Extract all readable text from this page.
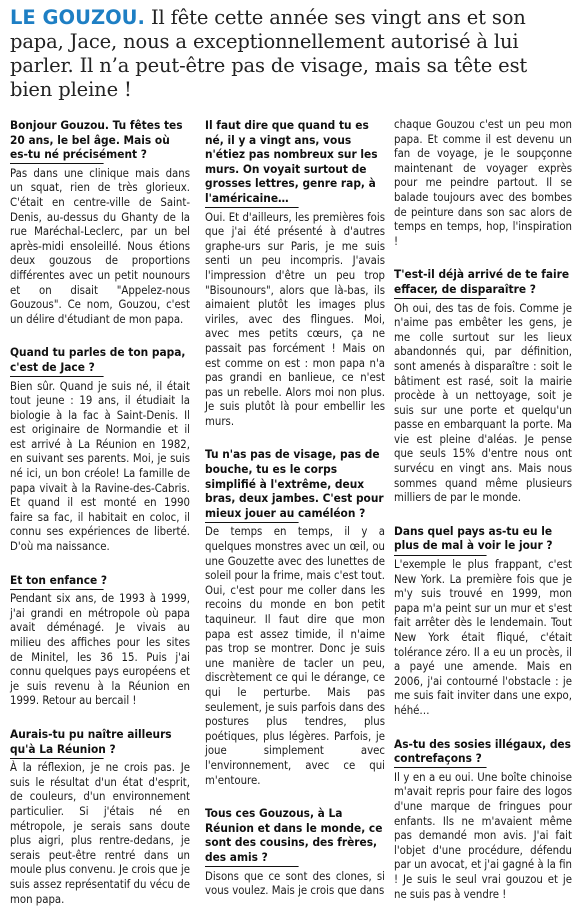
LE GOUZOU. Il fête cette année ses vingt ans et son papa, Jace, nous a exceptionnellement autorisé à lui parler. Il n’a peut-être pas de visage, mais sa tête est bien pleine !
Bonjour Gouzou. Tu fêtes tes 20 ans, le bel âge. Mais où es-tu né précisément ?
Pas dans une clinique mais dans un squat, rien de très glorieux. C'était en centre-ville de Saint-Denis, au-dessus du Ghanty de la rue Maréchal-Leclerc, par un bel après-midi ensoleillé. Nous étions deux gouzous de proportions différentes avec un petit nounours et on disait "Appelez-nous Gouzous". Ce nom, Gouzou, c'est un délire d'étudiant de mon papa.
Quand tu parles de ton papa, c'est de Jace ?
Bien sûr. Quand je suis né, il était tout jeune : 19 ans, il étudiait la biologie à la fac à Saint-Denis. Il est originaire de Normandie et il est arrivé à La Réunion en 1982, en suivant ses parents. Moi, je suis né ici, un bon créole! La famille de papa vivait à la Ravine-des-Cabris. Et quand il est monté en 1990 faire sa fac, il habitait en coloc, il connu ses expériences de liberté. D'où ma naissance.
Et ton enfance ?
Pendant six ans, de 1993 à 1999, j'ai grandi en métropole où papa avait déménagé. Je vivais au milieu des affiches pour les sites de Minitel, les 36 15. Puis j'ai connu quelques pays européens et je suis revenu à la Réunion en 1999. Retour au bercail !
Aurais-tu pu naître ailleurs qu'à La Réunion ?
À la réflexion, je ne crois pas. Je suis le résultat d'un état d'esprit, de couleurs, d'un environnement particulier. Si j'étais né en métropole, je serais sans doute plus aigri, plus rentre-dedans, je serais peut-être rentré dans un moule plus convenu. Je crois que je suis assez représentatif du vécu de mon papa.
Il faut dire que quand tu es né, il y a vingt ans, vous n'étiez pas nombreux sur les murs. On voyait surtout de grosses lettres, genre rap, à l'américaine…
Oui. Et d'ailleurs, les premières fois que j'ai été présenté à d'autres graphe-urs sur Paris, je me suis senti un peu incompris. J'avais l'impression d'être un peu trop "Bisounours", alors que là-bas, ils aimaient plutôt les images plus viriles, avec des flingues. Moi, avec mes petits cœurs, ça ne passait pas forcément ! Mais on est comme on est : mon papa n'a pas grandi en banlieue, ce n'est pas un rebelle. Alors moi non plus. Je suis plutôt là pour embellir les murs.
Tu n'as pas de visage, pas de bouche, tu es le corps simplifié à l'extrême, deux bras, deux jambes. C'est pour mieux jouer au caméléon ?
De temps en temps, il y a quelques monstres avec un œil, ou une Gouzette avec des lunettes de soleil pour la frime, mais c'est tout. Oui, c'est pour me coller dans les recoins du monde en bon petit taquineur. Il faut dire que mon papa est assez timide, il n'aime pas trop se montrer. Donc je suis une manière de tacler un peu, discrètement ce qui le dérange, ce qui le perturbe. Mais pas seulement, je suis parfois dans des postures plus tendres, plus poétiques, plus légères. Parfois, je joue simplement avec l'environnement, avec ce qui m'entoure.
Tous ces Gouzous, à La Réunion et dans le monde, ce sont des cousins, des frères, des amis ?
Disons que ce sont des clones, si vous voulez. Mais je crois que dans
chaque Gouzou c'est un peu mon papa. Et comme il est devenu un fan de voyage, je le soupçonne maintenant de voyager exprès pour me peindre partout. Il se balade toujours avec des bombes de peinture dans son sac alors de temps en temps, hop, l'inspiration !
T'est-il déjà arrivé de te faire effacer, de disparaître ?
Oh oui, des tas de fois. Comme je n'aime pas embêter les gens, je me colle surtout sur les lieux abandonnés qui, par définition, sont amenés à disparaître : soit le bâtiment est rasé, soit la mairie procède à un nettoyage, soit je suis sur une porte et quelqu'un passe en embarquant la porte. Ma vie est pleine d'aléas. Je pense que seuls 15% d'entre nous ont survécu en vingt ans. Mais nous sommes quand même plusieurs milliers de par le monde.
Dans quel pays as-tu eu le plus de mal à voir le jour ?
L'exemple le plus frappant, c'est New York. La première fois que je m'y suis trouvé en 1999, mon papa m'a peint sur un mur et s'est fait arrêter dès le lendemain. Tout New York était fliqué, c'était tolérance zéro. Il a eu un procès, il a payé une amende. Mais en 2006, j'ai contourné l'obstacle : je me suis fait inviter dans une expo, héhé…
As-tu des sosies illégaux, des contrefaçons ?
Il y en a eu oui. Une boîte chinoise m'avait repris pour faire des logos d'une marque de fringues pour enfants. Ils ne m'avaient même pas demandé mon avis. J'ai fait l'objet d'une procédure, défendu par un avocat, et j'ai gagné à la fin ! Je suis le seul vrai gouzou et je ne suis pas à vendre !
